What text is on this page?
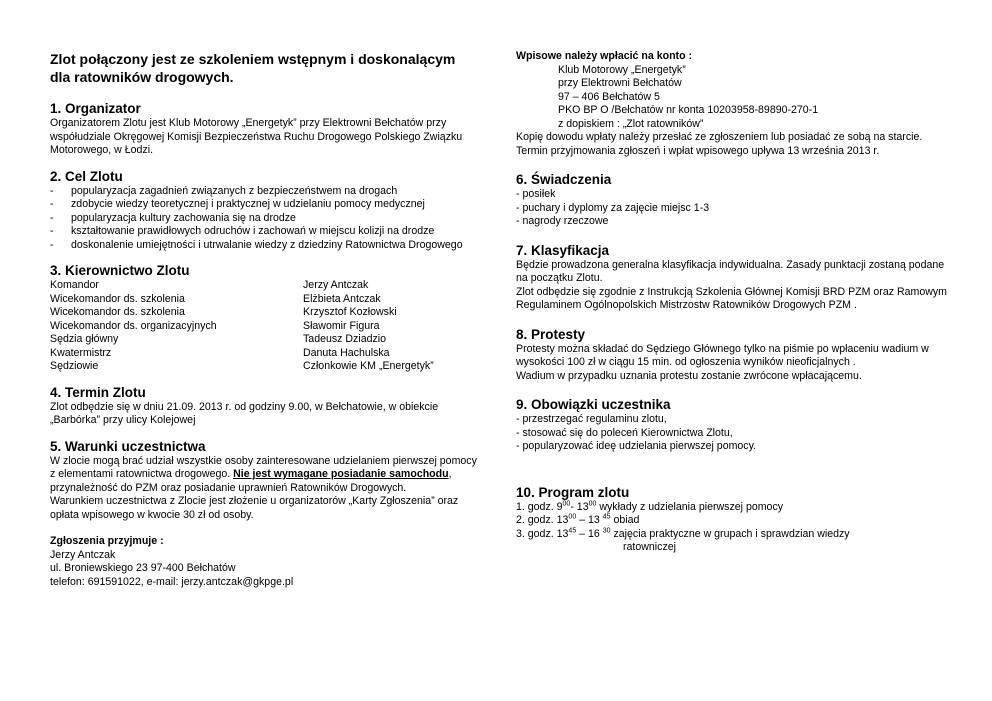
Zlot połączony jest ze szkoleniem wstępnym i doskonalącym

dla ratowników drogowych.

1. Organizator

Organizatorem Zlotu jest Klub Motorowy „Energetyk” przy Elektrowni Bełchatów przy współudziale Okręgowej Komisji Bezpieczeństwa Ruchu Drogowego Polskiego Związku Motorowego, w Łodzi.

2. Cel Zlotu
- popularyzacja zagadnień związanych z bezpieczeństwem na drogach
- zdobycie wiedzy teoretycznej i praktycznej w udzielaniu pomocy medycznej
- popularyzacja kultury zachowania się na drodze
- kształtowanie prawidłowych odruchów i zachowań w miejscu kolizji na drodze
- doskonalenie umiejętności i utrwalanie wiedzy z dziedziny Ratownictwa Drogowego
3. Kierownictwo Zlotu
Komandor	Jerzy Antczak
Wicekomandor ds. szkolenia	Elżbieta Antczak
Wicekomandor ds. szkolenia	Krzysztof Kozłowski
Wicekomandor ds. organizacyjnych	Sławomir Figura
Sędzia główny	Tadeusz Dziadzio
Kwatermistrz	Danuta Hachulska
Sędziowie	Członkowie KM „Energetyk”
4. Termin Zlotu

Zlot odbędzie się w dniu 21.09. 2013 r. od godziny 9.00, w Bełchatowie, w obiekcie „Barbórka” przy ulicy Kolejowej

5. Warunki uczestnictwa

W zlocie mogą brać udział wszystkie osoby zainteresowane udzielaniem pierwszej pomocy z elementami ratownictwa drogowego. Nie jest wymagane posiadanie samochodu, przynależność do PZM oraz posiadanie uprawnień Ratowników Drogowych.

Warunkiem uczestnictwa z Zlocie jest złożenie u organizatorów „Karty Zgłoszenia” oraz opłata wpisowego w kwocie 30 zł od osoby.

Zgłoszenia przyjmuje :

Jerzy Antczak

ul. Broniewskiego 23 97-400 Bełchatów

telefon: 691591022, e-mail: jerzy.antczak@gkpge.pl

Wpisowe należy wpłacić na konto :

Klub Motorowy „Energetyk”

przy Elektrowni Bełchatów

97 – 406 Bełchatów 5

PKO BP O /Bełchatów nr konta 10203958-89890-270-1

z dopiskiem : „Zlot ratowników”

Kopię dowodu wpłaty należy przesłać ze zgłoszeniem lub posiadać ze sobą na starcie.

Termin przyjmowania zgłoszeń i wpłat wpisowego upływa 13 września 2013 r.

6. Świadczenia

- posiłek

- puchary i dyplomy za zajęcie miejsc 1-3

- nagrody rzeczowe

7. Klasyfikacja

Będzie prowadzona generalna klasyfikacja indywidualna. Zasady punktacji zostaną podane na początku Zlotu.

Zlot odbędzie się zgodnie z Instrukcją Szkolenia Głównej Komisji BRD PZM oraz Ramowym Regulaminem Ogólnopolskich Mistrzostw Ratowników Drogowych PZM .

8. Protesty

Protesty można składać do Sędziego Głównego tylko na piśmie po wpłaceniu wadium w wysokości 100 zł w ciągu 15 min. od ogłoszenia wyników nieoficjalnych .

Wadium w przypadku uznania protestu zostanie zwrócone wpłacającemu.

9. Obowiązki uczestnika

- przestrzegać regulaminu zlotu,

- stosować się do poleceń Kierownictwa Zlotu,

- popularyzować ideę udzielania pierwszej pomocy.

10. Program zlotu

1. godz. $9^{00}-$ $13^{00}$ wykłady z udzielania pierwszej pomocy

2. godz. $13^{00} - 13$ $^{45}$ obiad

3. godz. $13^{45} - 16$ $^{30}$ zajęcia praktyczne w grupach i sprawdzian wiedzy

ratowniczej
